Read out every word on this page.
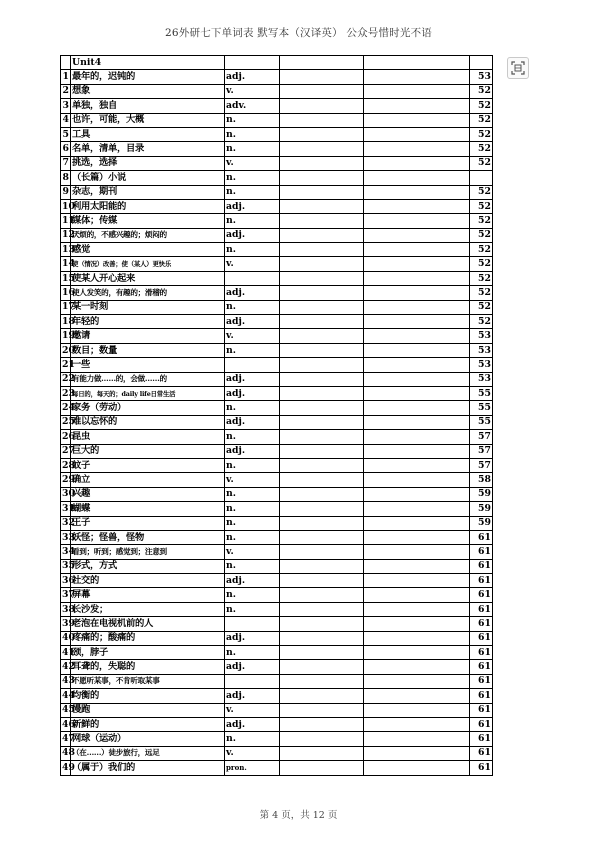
26外研七下单词表 默写本（汉译英） 公众号惜时光不语
	Unit4				
1	最年的，迟钝的	adj.			53
2	想象	v.			52
3	单独，独自	adv.			52
4	也许，可能，大概	n.			52
5	工具	n.			52
6	名单，清单，目录	n.			52
7	挑选，选择	v.			52
8	（长篇）小说	n.			
9	杂志，期刊	n.			52
10	利用太阳能的	adj.			52
11	媒体；传媒	n.			52
12	厌烦的，不感兴趣的；烦闷的	adj.			52
13	感觉	n.			52
14	使（情况）改善；使（某人）更快乐	v.			52
15	使某人开心起来				52
16	使人发笑的，有趣的；滑稽的	adj.			52
17	某一时刻	n.			52
18	年轻的	adj.			52
19	邀请	v.			53
20	数目；数量	n.			53
21	一些				53
22	有能力做……的，会做……的	adj.			53
23	每日的，每天的；daily life日常生活	adj.			55
24	家务（劳动）	n.			55
25	难以忘怀的	adj.			55
26	昆虫	n.			57
27	巨大的	adj.			57
28	蚊子	n.			57
29	确立	v.			58
30	兴趣	n.			59
31	蝴蝶	n.			59
32	王子	n.			59
33	妖怪；怪兽，怪物	n.			61
34	看到；听到；感觉到；注意到	v.			61
35	形式，方式	n.			61
36	社交的	adj.			61
37	屏幕	n.			61
38	长沙发；	n.			61
39	老泡在电视机前的人				61
40	疼痛的；酸痛的	adj.			61
41	颈，脖子	n.			61
42	耳聋的，失聪的	adj.			61
43	不愿听某事，不肯听取某事				61
44	均衡的	adj.			61
45	慢跑	v.			61
46	新鲜的	adj.			61
47	网球（运动）	n.			61
48	（在……）徒步旅行，远足	v.			61
49	（属于）我们的	pron.			61
第 4 页，共 12 页
